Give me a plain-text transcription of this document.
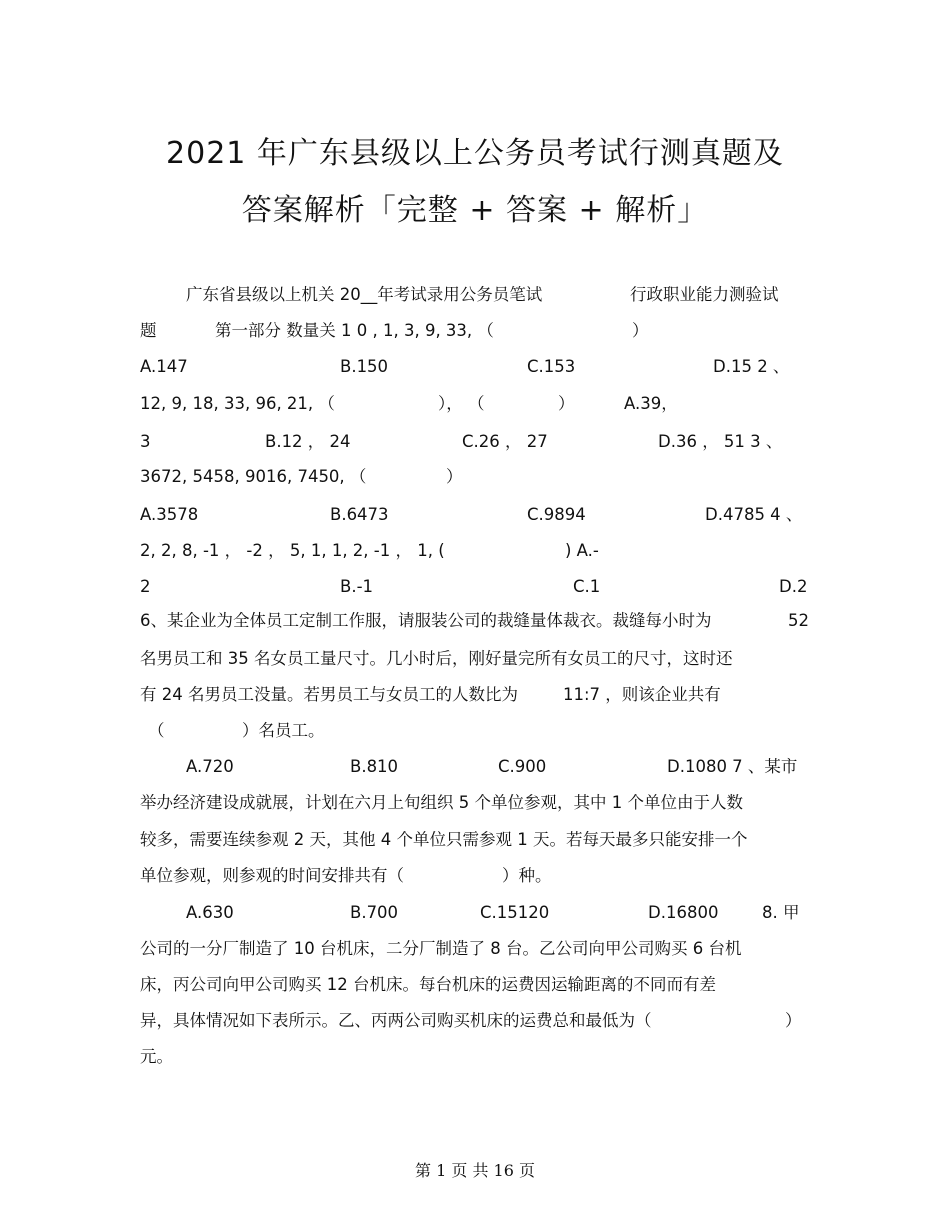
2021 年广东县级以上公务员考试行测真题及
答案解析「完整 + 答案 + 解析」
广东省县级以上机关 20__年考试录用公务员笔试	行政职业能力测验试
题	第一部分 数量关 1 0 , 1, 3, 9, 33, （	）
A.147	B.150	C.153	D.15 2 、
12, 9, 18, 33, 96, 21, （	）， （	）	A.39，
3	B.12 ， 24	C.26 ， 27	D.36 ， 51 3 、
3672, 5458, 9016, 7450, （	）
A.3578	B.6473	C.9894	D.4785 4 、
2, 2, 8, -1 ， -2 ， 5, 1, 1, 2, -1 ， 1, (	) A.-
2	B.-1	C.1	D.2
6、某企业为全体员工定制工作服，请服装公司的裁缝量体裁衣。裁缝每小时为	52
名男员工和 35 名女员工量尺寸。几小时后，刚好量完所有女员工的尺寸，这时还
有 24 名男员工没量。若男员工与女员工的人数比为	11:7 ，则该企业共有
（	）名员工。
A.720	B.810	C.900	D.1080 7 、某市
举办经济建设成就展，计划在六月上旬组织 5 个单位参观，其中 1 个单位由于人数
较多，需要连续参观 2 天，其他 4 个单位只需参观 1 天。若每天最多只能安排一个
单位参观，则参观的时间安排共有（	）种。
A.630	B.700	C.15120	D.16800	8. 甲
公司的一分厂制造了 10 台机床，二分厂制造了 8 台。乙公司向甲公司购买 6 台机
床，丙公司向甲公司购买 12 台机床。每台机床的运费因运输距离的不同而有差
异，具体情况如下表所示。乙、丙两公司购买机床的运费总和最低为（	）
元。
第 1 页 共 16 页
